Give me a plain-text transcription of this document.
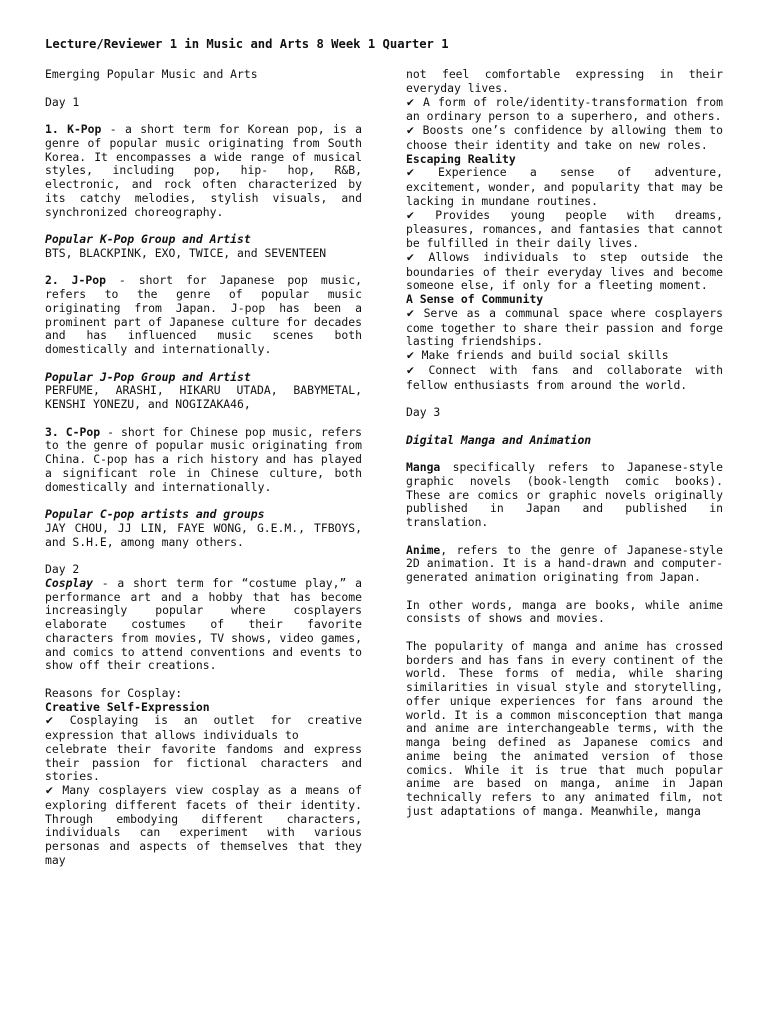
Lecture/Reviewer 1 in Music and Arts 8 Week 1 Quarter 1

Emerging Popular Music and Arts

Day 1

1. K-Pop - a short term for Korean pop, is a genre of popular music originating from South Korea. It encompasses a wide range of musical styles, including pop, hip- hop, R&B, electronic, and rock often characterized by its catchy melodies, stylish visuals, and synchronized choreography.

Popular K-Pop Group and Artist

BTS, BLACKPINK, EXO, TWICE, and SEVENTEEN

2. J-Pop - short for Japanese pop music, refers to the genre of popular music originating from Japan. J-pop has been a prominent part of Japanese culture for decades and has influenced music scenes both domestically and internationally.

Popular J-Pop Group and Artist

PERFUME, ARASHI, HIKARU UTADA, BABYMETAL, KENSHI YONEZU, and NOGIZAKA46,

3. C-Pop - short for Chinese pop music, refers to the genre of popular music originating from China. C-pop has a rich history and has played a significant role in Chinese culture, both domestically and internationally.

Popular C-pop artists and groups

JAY CHOU, JJ LIN, FAYE WONG, G.E.M., TFBOYS, and S.H.E, among many others.

Day 2

Cosplay - a short term for “costume play,” a performance art and a hobby that has become increasingly popular where cosplayers elaborate costumes of their favorite characters from movies, TV shows, video games, and comics to attend conventions and events to show off their creations.

Reasons for Cosplay:

Creative Self-Expression

✔ Cosplaying is an outlet for creative expression that allows individuals to

celebrate their favorite fandoms and express their passion for fictional characters and stories.

✔ Many cosplayers view cosplay as a means of exploring different facets of their identity. Through embodying different characters, individuals can experiment with various personas and aspects of themselves that they may

not feel comfortable expressing in their everyday lives.

✔ A form of role/identity-transformation from an ordinary person to a superhero, and others.

✔ Boosts one’s confidence by allowing them to choose their identity and take on new roles.

Escaping Reality

✔ Experience a sense of adventure, excitement, wonder, and popularity that may be lacking in mundane routines.

✔ Provides young people with dreams, pleasures, romances, and fantasies that cannot be fulfilled in their daily lives.

✔ Allows individuals to step outside the boundaries of their everyday lives and become someone else, if only for a fleeting moment.

A Sense of Community

✔ Serve as a communal space where cosplayers come together to share their passion and forge lasting friendships.

✔ Make friends and build social skills

✔ Connect with fans and collaborate with fellow enthusiasts from around the world.

Day 3

Digital Manga and Animation

Manga specifically refers to Japanese-style graphic novels (book-length comic books). These are comics or graphic novels originally published in Japan and published in translation.

Anime, refers to the genre of Japanese-style 2D animation. It is a hand-drawn and computer- generated animation originating from Japan.

In other words, manga are books, while anime consists of shows and movies.

The popularity of manga and anime has crossed borders and has fans in every continent of the world. These forms of media, while sharing similarities in visual style and storytelling, offer unique experiences for fans around the world. It is a common misconception that manga and anime are interchangeable terms, with the manga being defined as Japanese comics and anime being the animated version of those comics. While it is true that much popular anime are based on manga, anime in Japan technically refers to any animated film, not just adaptations of manga. Meanwhile, manga
